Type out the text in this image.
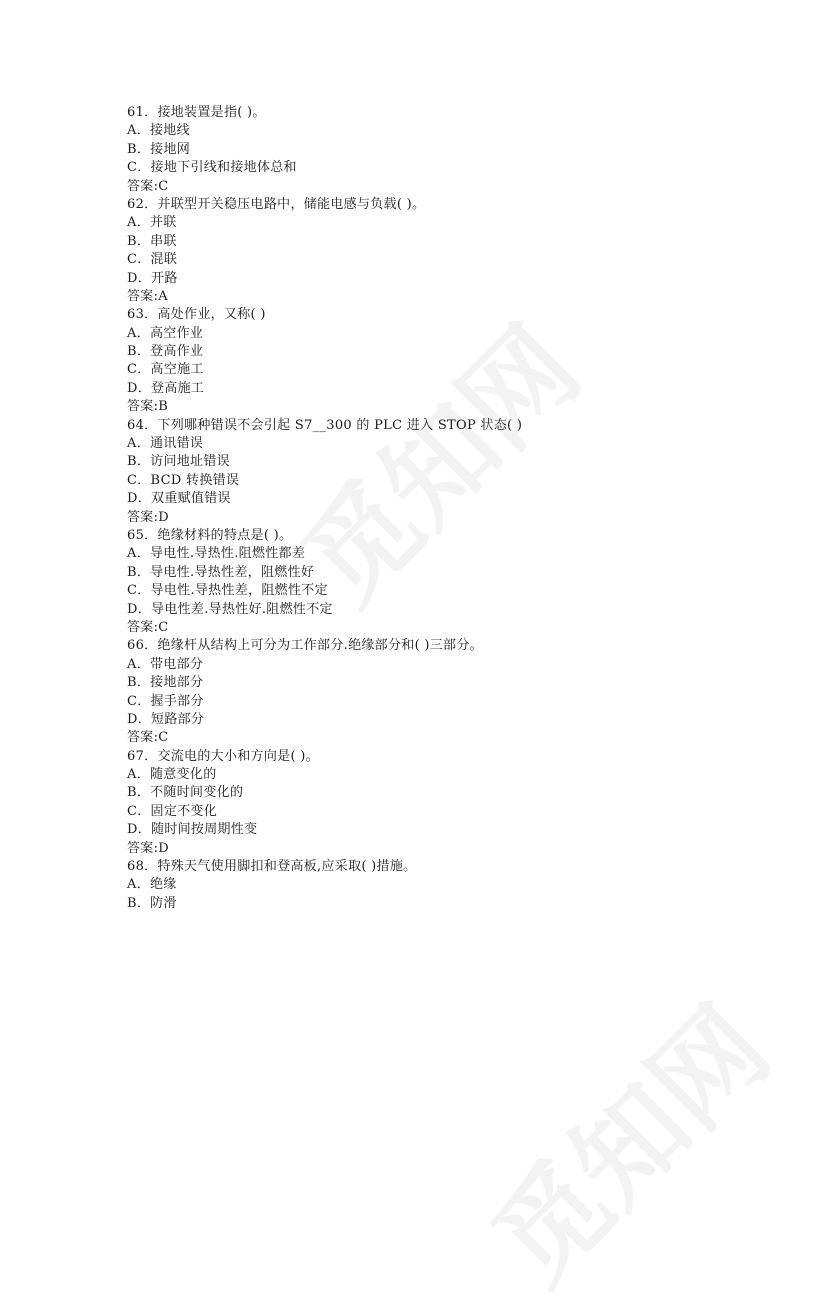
61．接地装置是指( )。
A．接地线
B．接地网
C．接地下引线和接地体总和
答案:C
62．并联型开关稳压电路中，储能电感与负载( )。
A．并联
B．串联
C．混联
D．开路
答案:A
63．高处作业，又称( )
A．高空作业
B．登高作业
C．高空施工
D．登高施工
答案:B
64．下列哪种错误不会引起 S7__300 的 PLC 进入 STOP 状态( )
A．通讯错误
B．访问地址错误
C．BCD 转换错误
D．双重赋值错误
答案:D
65．绝缘材料的特点是( )。
A．导电性.导热性.阻燃性都差
B．导电性.导热性差，阻燃性好
C．导电性.导热性差，阻燃性不定
D．导电性差.导热性好.阻燃性不定
答案:C
66．绝缘杆从结构上可分为工作部分.绝缘部分和( )三部分。
A．带电部分
B．接地部分
C．握手部分
D．短路部分
答案:C
67．交流电的大小和方向是( )。
A．随意变化的
B．不随时间变化的
C．固定不变化
D．随时间按周期性变
答案:D
68．特殊天气使用脚扣和登高板,应采取( )措施。
A．绝缘
B．防滑
